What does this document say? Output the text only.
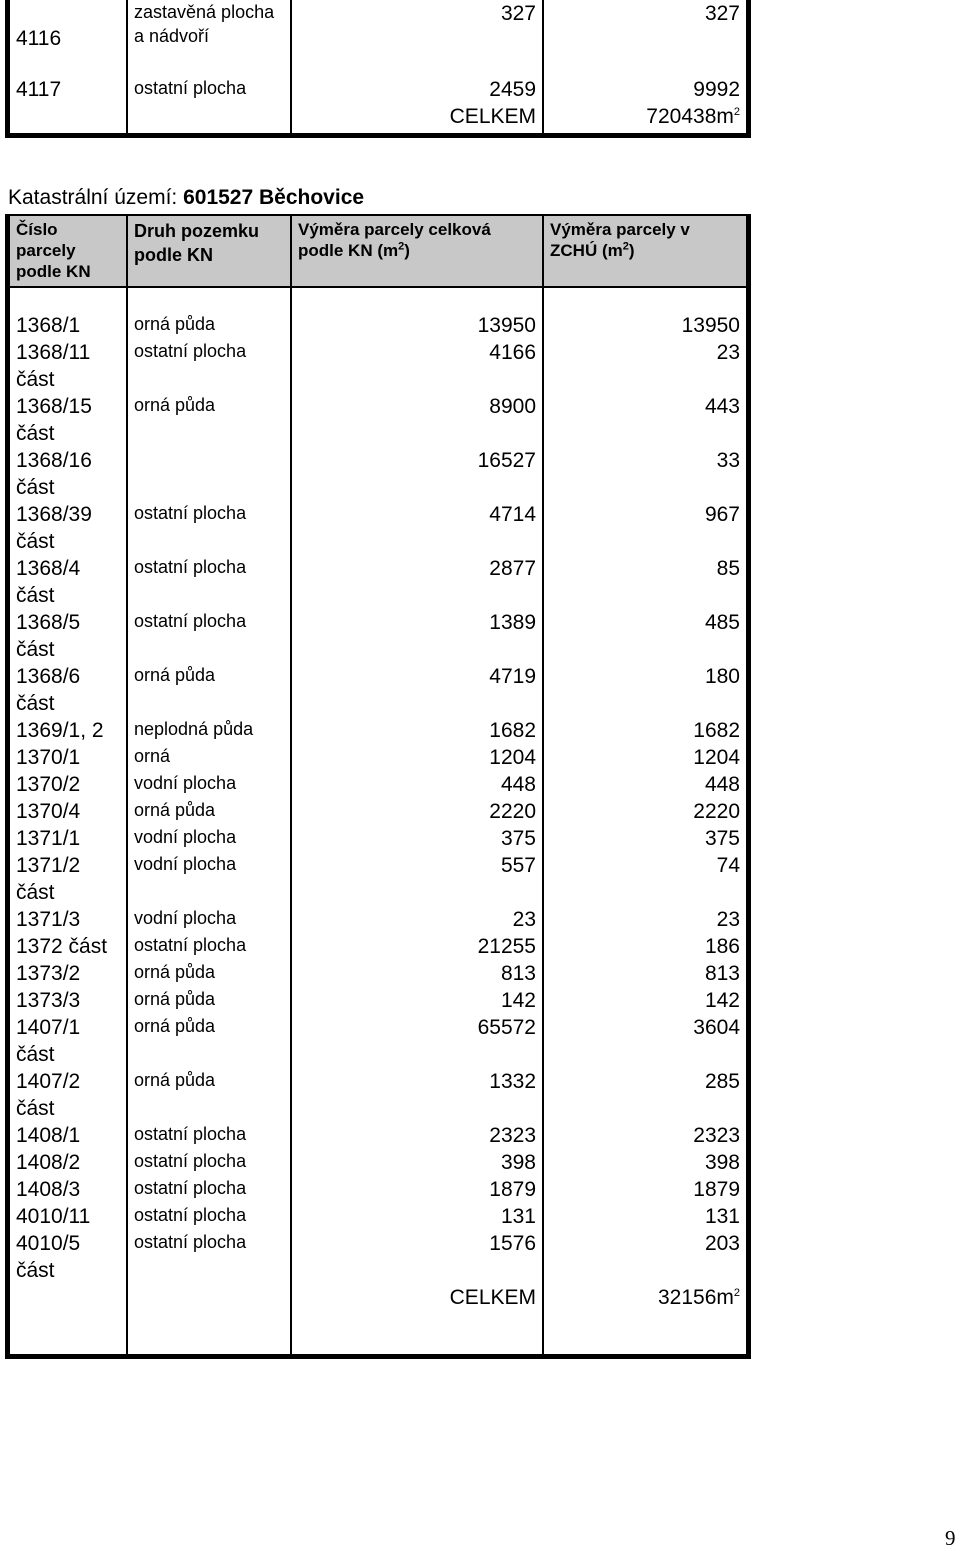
4116	zastavěná plocha a nádvoří	327	327
4117	ostatní plocha	2459	9992
		CELKEM	$720438m^2$
Katastrální území: 601527 Běchovice
Číslo parcely podle KN	Druh pozemku podle KN	Výměra parcely celková podle KN $(m^2)$	Výměra parcely v ZCHÚ $(m^2)$

1368/1	orná půda	13950	13950
1368/11 část	ostatní plocha	4166	23
1368/15 část	orná půda	8900	443
1368/16 část		16527	33
1368/39 část	ostatní plocha	4714	967
1368/4 část	ostatní plocha	2877	85
1368/5 část	ostatní plocha	1389	485
1368/6 část	orná půda	4719	180
1369/1, 2	neplodná půda	1682	1682
1370/1	orná	1204	1204
1370/2	vodní plocha	448	448
1370/4	orná půda	2220	2220
1371/1	vodní plocha	375	375
1371/2 část	vodní plocha	557	74
1371/3	vodní plocha	23	23
1372 část	ostatní plocha	21255	186
1373/2	orná půda	813	813
1373/3	orná půda	142	142
1407/1 část	orná půda	65572	3604
1407/2 část	orná půda	1332	285
1408/1	ostatní plocha	2323	2323
1408/2	ostatní plocha	398	398
1408/3	ostatní plocha	1879	1879
4010/11	ostatní plocha	131	131
4010/5 část	ostatní plocha	1576	203
		CELKEM	$32156m^2$
9
